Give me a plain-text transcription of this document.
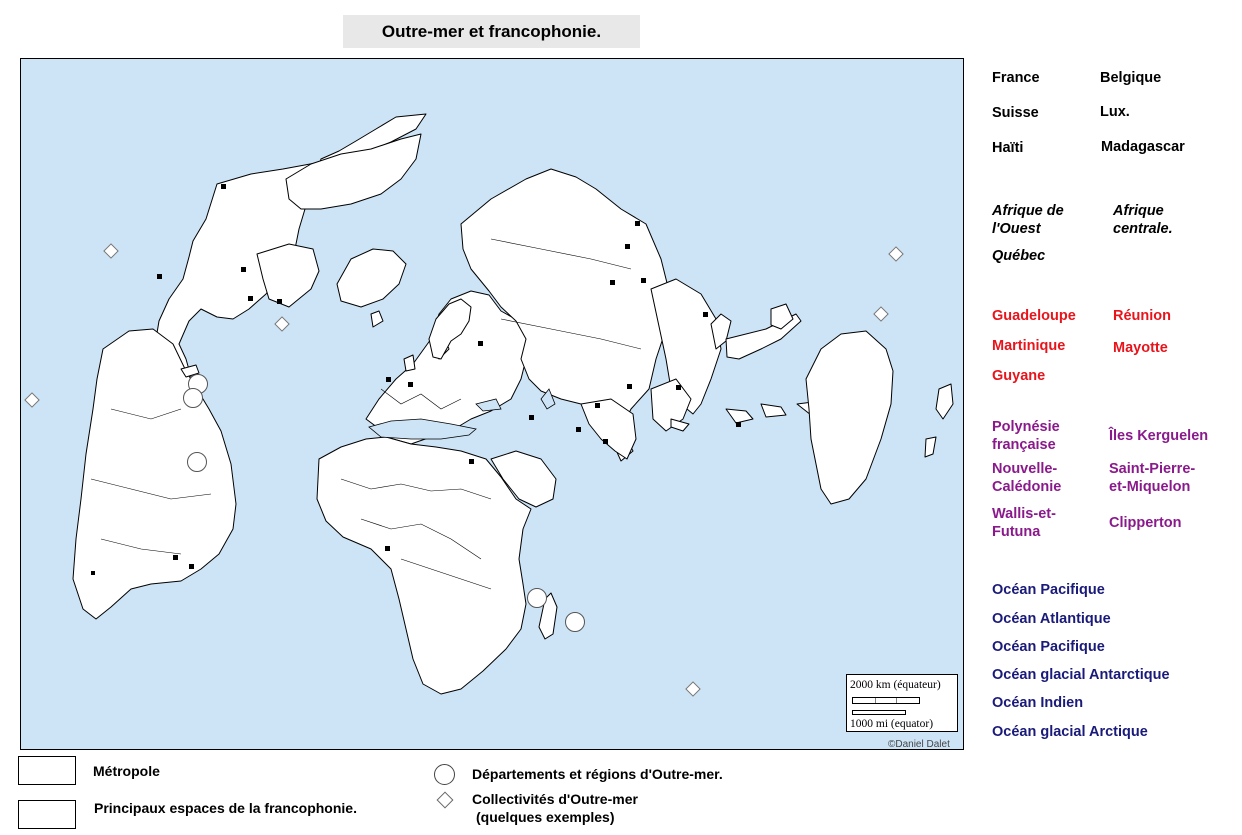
Outre-mer et francophonie.
2000 km (équateur)
1000 mi (equator)
©Daniel Dalet
France	Belgique
Suisse	Lux.
Haïti	Madagascar
Afrique de l'Ouest
Afrique centrale.
Québec
Guadeloupe	Réunion
Martinique	Mayotte
Guyane
Polynésie française
Îles Kerguelen
Nouvelle-Calédonie
Saint-Pierre-et-Miquelon
Wallis-et-Futuna
Clipperton
Océan Pacifique
Océan Atlantique
Océan Pacifique
Océan glacial Antarctique
Océan Indien
Océan glacial Arctique
Métropole
Principaux espaces de la francophonie.
Départements et régions d'Outre-mer.
Collectivités d'Outre-mer
(quelques exemples)
